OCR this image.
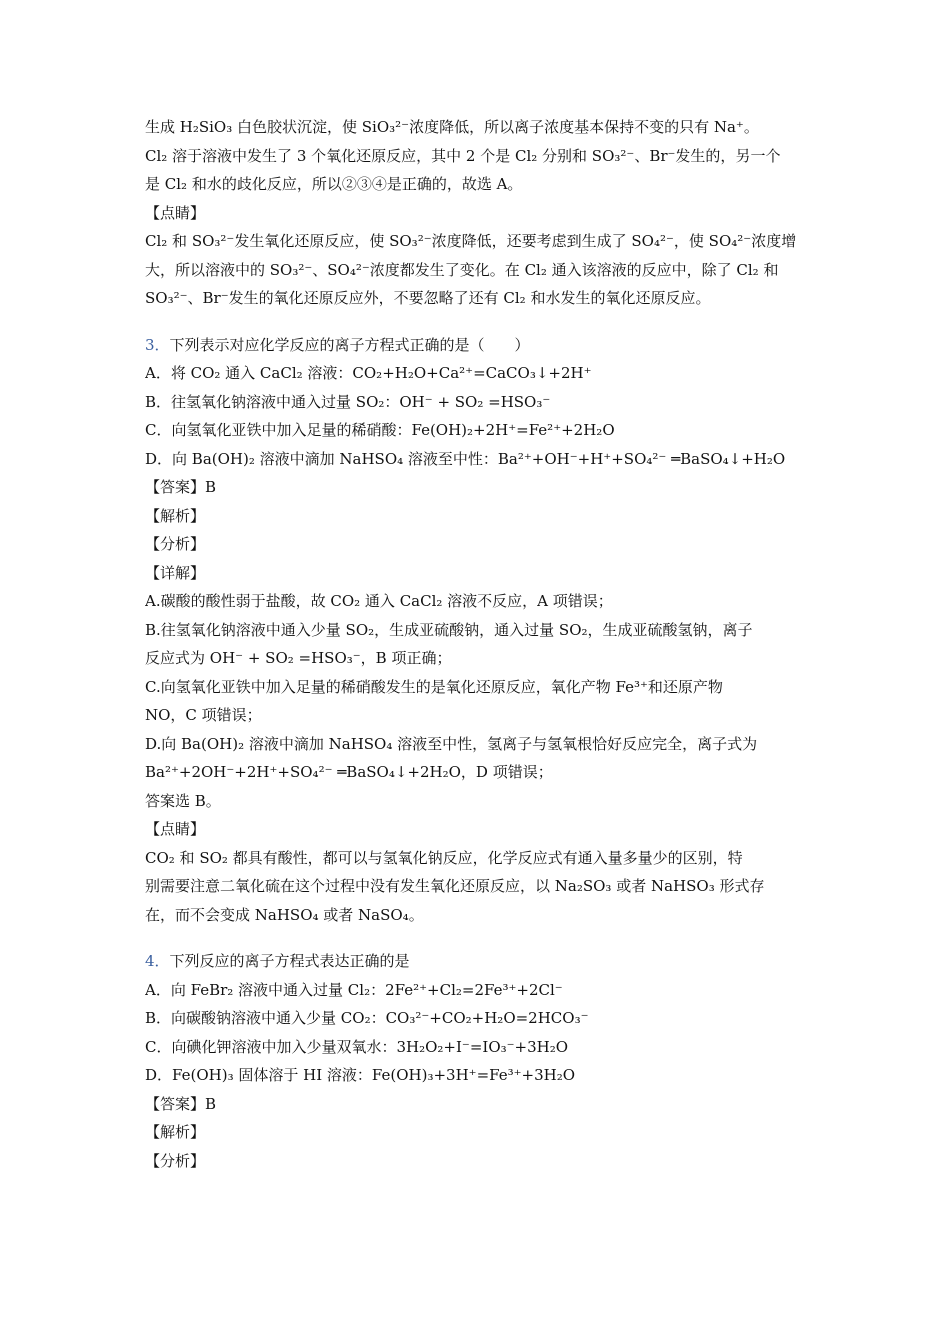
生成 H₂SiO₃ 白色胶状沉淀，使 SiO₃²⁻浓度降低，所以离子浓度基本保持不变的只有 Na⁺。
Cl₂ 溶于溶液中发生了 3 个氧化还原反应，其中 2 个是 Cl₂ 分别和 SO₃²⁻、Br⁻发生的，另一个
是 Cl₂ 和水的歧化反应，所以②③④是正确的，故选 A。
【点睛】
Cl₂ 和 SO₃²⁻发生氧化还原反应，使 SO₃²⁻浓度降低，还要考虑到生成了 SO₄²⁻，使 SO₄²⁻浓度增
大，所以溶液中的 SO₃²⁻、SO₄²⁻浓度都发生了变化。在 Cl₂ 通入该溶液的反应中，除了 Cl₂ 和
SO₃²⁻、Br⁻发生的氧化还原反应外，不要忽略了还有 Cl₂ 和水发生的氧化还原反应。
3．下列表示对应化学反应的离子方程式正确的是（　　）
A．将 CO₂ 通入 CaCl₂ 溶液：CO₂+H₂O+Ca²⁺=CaCO₃↓+2H⁺
B．往氢氧化钠溶液中通入过量 SO₂：OH⁻ + SO₂ =HSO₃⁻
C．向氢氧化亚铁中加入足量的稀硝酸：Fe(OH)₂+2H⁺=Fe²⁺+2H₂O
D．向 Ba(OH)₂ 溶液中滴加 NaHSO₄ 溶液至中性：Ba²⁺+OH⁻+H⁺+SO₄²⁻ ═BaSO₄↓+H₂O
【答案】B
【解析】
【分析】
【详解】
A.碳酸的酸性弱于盐酸，故 CO₂ 通入 CaCl₂ 溶液不反应，A 项错误；
B.往氢氧化钠溶液中通入少量 SO₂，生成亚硫酸钠，通入过量 SO₂，生成亚硫酸氢钠，离子
反应式为 OH⁻ + SO₂ =HSO₃⁻，B 项正确；
C.向氢氧化亚铁中加入足量的稀硝酸发生的是氧化还原反应，氧化产物 Fe³⁺和还原产物
NO，C 项错误；
D.向 Ba(OH)₂ 溶液中滴加 NaHSO₄ 溶液至中性，氢离子与氢氧根恰好反应完全，离子式为
Ba²⁺+2OH⁻+2H⁺+SO₄²⁻ ═BaSO₄↓+2H₂O，D 项错误；
答案选 B。
【点睛】
CO₂ 和 SO₂ 都具有酸性，都可以与氢氧化钠反应，化学反应式有通入量多量少的区别，特
别需要注意二氧化硫在这个过程中没有发生氧化还原反应，以 Na₂SO₃ 或者 NaHSO₃ 形式存
在，而不会变成 NaHSO₄ 或者 NaSO₄。
4．下列反应的离子方程式表达正确的是
A．向 FeBr₂ 溶液中通入过量 Cl₂：2Fe²⁺+Cl₂=2Fe³⁺+2Cl⁻
B．向碳酸钠溶液中通入少量 CO₂：CO₃²⁻+CO₂+H₂O=2HCO₃⁻
C．向碘化钾溶液中加入少量双氧水：3H₂O₂+I⁻=IO₃⁻+3H₂O
D．Fe(OH)₃ 固体溶于 HI 溶液：Fe(OH)₃+3H⁺=Fe³⁺+3H₂O
【答案】B
【解析】
【分析】
